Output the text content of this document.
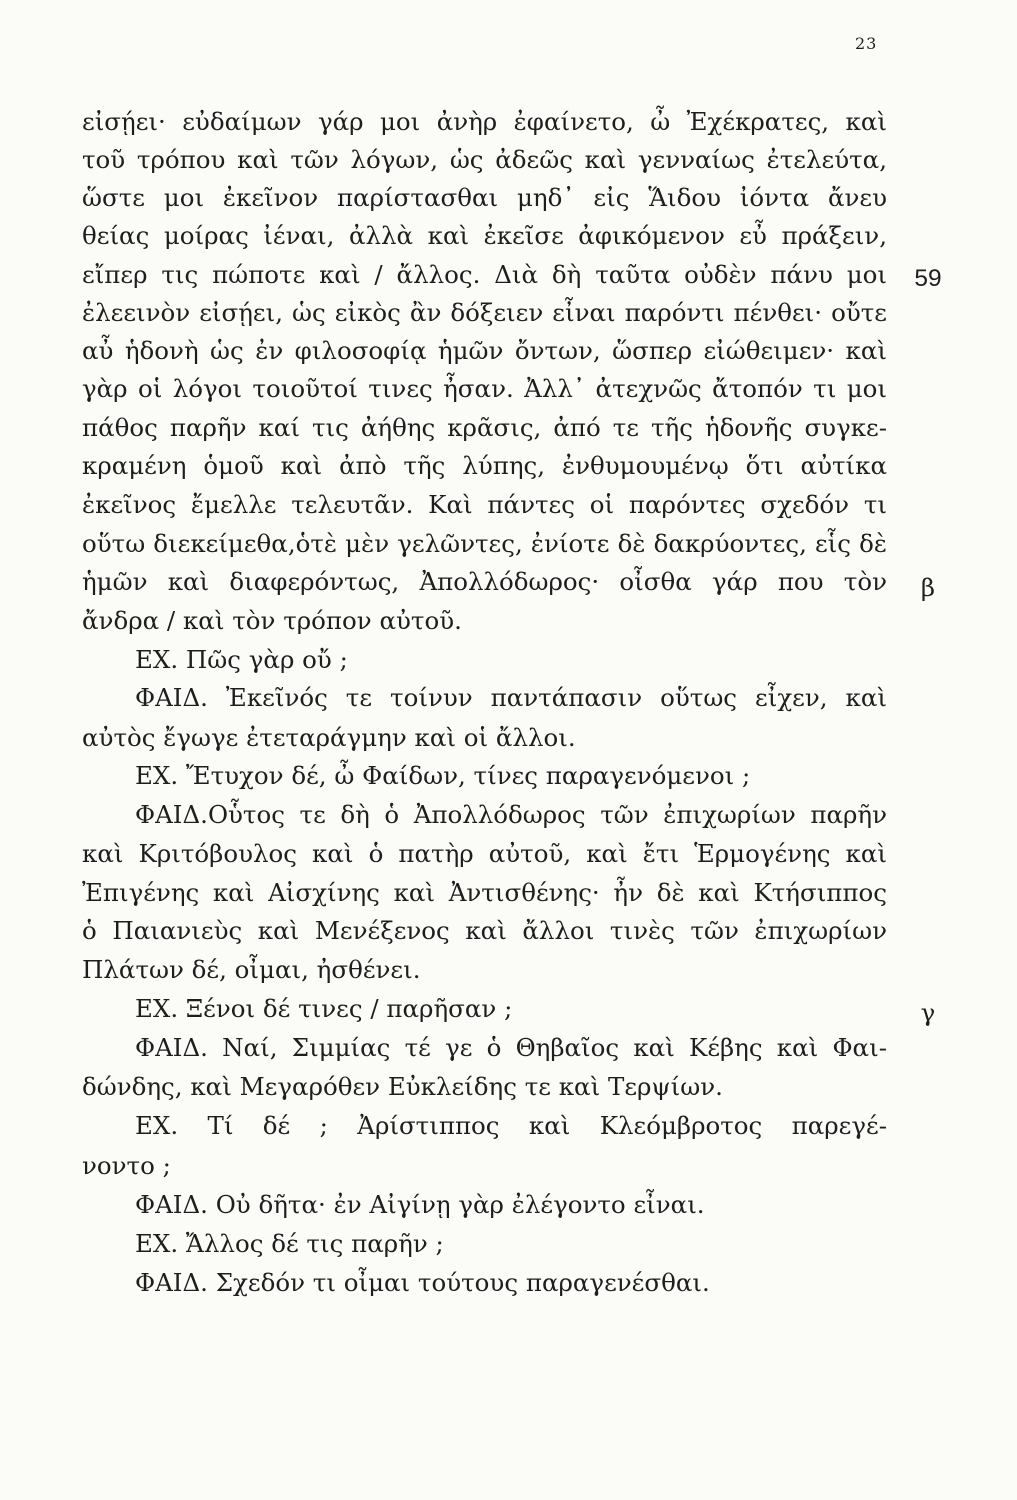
23
εἰσῄει· εὐδαίμων γάρ μοι ἀνὴρ ἐφαίνετο, ὦ Ἐχέκρατες, καὶ
τοῦ τρόπου καὶ τῶν λόγων, ὡς ἀδεῶς καὶ γενναίως ἐτελεύτα,
ὥστε μοι ἐκεῖνον παρίστασθαι μηδ᾽ εἰς Ἅιδου ἰόντα ἄνευ
θείας μοίρας ἰέναι, ἀλλὰ καὶ ἐκεῖσε ἀφικόμενον εὖ πράξειν,
εἴπερ τις πώποτε καὶ / ἄλλος. Διὰ δὴ ταῦτα οὐδὲν πάνυ μοι
ἐλεεινὸν εἰσῄει, ὡς εἰκὸς ἂν δόξειεν εἶναι παρόντι πένθει· οὔτε
αὖ ἡδονὴ ὡς ἐν φιλοσοφίᾳ ἡμῶν ὄντων, ὥσπερ εἰώθειμεν· καὶ
γὰρ οἱ λόγοι τοιοῦτοί τινες ἦσαν. Ἀλλ᾽ ἀτεχνῶς ἄτοπόν τι μοι
πάθος παρῆν καί τις ἀήθης κρᾶσις, ἀπό τε τῆς ἡδονῆς συγκε-
κραμένη ὁμοῦ καὶ ἀπὸ τῆς λύπης, ἐνθυμουμένῳ ὅτι αὐτίκα
ἐκεῖνος ἔμελλε τελευτᾶν. Καὶ πάντες οἱ παρόντες σχεδόν τι
οὕτω διεκείμεθα,ὁτὲ μὲν γελῶντες, ἐνίοτε δὲ δακρύοντες, εἷς δὲ
ἡμῶν καὶ διαφερόντως, Ἀπολλόδωρος· οἶσθα γάρ που τὸν
ἄνδρα / καὶ τὸν τρόπον αὐτοῦ.
ΕΧ. Πῶς γὰρ οὔ ;
ΦΑΙΔ. Ἐκεῖνός τε τοίνυν παντάπασιν οὕτως εἶχεν, καὶ
αὐτὸς ἔγωγε ἐτεταράγμην καὶ οἱ ἄλλοι.
ΕΧ. Ἔτυχον δέ, ὦ Φαίδων, τίνες παραγενόμενοι ;
ΦΑΙΔ.Οὗτος τε δὴ ὁ Ἀπολλόδωρος τῶν ἐπιχωρίων παρῆν
καὶ Κριτόβουλος καὶ ὁ πατὴρ αὐτοῦ, καὶ ἔτι Ἑρμογένης καὶ
Ἐπιγένης καὶ Αἰσχίνης καὶ Ἀντισθένης· ἦν δὲ καὶ Κτήσιππος
ὁ Παιανιεὺς καὶ Μενέξενος καὶ ἄλλοι τινὲς τῶν ἐπιχωρίων
Πλάτων δέ, οἶμαι, ἠσθένει.
ΕΧ. Ξένοι δέ τινες / παρῆσαν ;
ΦΑΙΔ. Ναί, Σιμμίας τέ γε ὁ Θηβαῖος καὶ Κέβης καὶ Φαι-
δώνδης, καὶ Μεγαρόθεν Εὐκλείδης τε καὶ Τερψίων.
ΕΧ. Τί δέ ; Ἀρίστιππος καὶ Κλεόμβροτος παρεγέ-
νοντο ;
ΦΑΙΔ. Οὐ δῆτα· ἐν Αἰγίνῃ γὰρ ἐλέγοντο εἶναι.
ΕΧ. Ἄλλος δέ τις παρῆν ;
ΦΑΙΔ. Σχεδόν τι οἶμαι τούτους παραγενέσθαι.
59
β
γ
